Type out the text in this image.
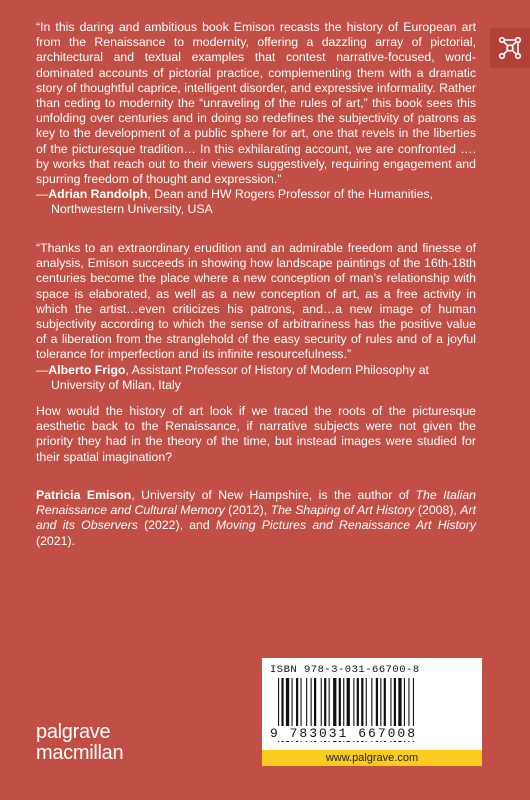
“In this daring and ambitious book Emison recasts the history of European art from the Renaissance to modernity, offering a dazzling array of pictorial, architectural and textual examples that contest narrative-focused, word-dominated accounts of pictorial practice, complementing them with a dramatic story of thoughtful caprice, intelligent disorder, and expressive informality. Rather than ceding to modernity the “unraveling of the rules of art,” this book sees this unfolding over centuries and in doing so redefines the subjectivity of patrons as key to the development of a public sphere for art, one that revels in the liberties of the picturesque tradition… In this exhilarating account, we are confronted …. by works that reach out to their viewers suggestively, requiring engagement and spurring freedom of thought and expression.”

—Adrian Randolph, Dean and HW Rogers Professor of the Humanities,
Northwestern University, USA

“Thanks to an extraordinary erudition and an admirable freedom and finesse of analysis, Emison succeeds in showing how landscape paintings of the 16th-18th centuries become the place where a new conception of man’s relationship with space is elaborated, as well as a new conception of art, as a free activity in which the artist…even criticizes his patrons, and…a new image of human subjectivity according to which the sense of arbitrariness has the positive value of a liberation from the stranglehold of the easy security of rules and of a joyful tolerance for imperfection and its infinite resourcefulness.”

—Alberto Frigo, Assistant Professor of History of Modern Philosophy at
University of Milan, Italy

How would the history of art look if we traced the roots of the picturesque aesthetic back to the Renaissance, if narrative subjects were not given the priority they had in the theory of the time, but instead images were studied for their spatial imagination?

Patricia Emison, University of New Hampshire, is the author of The Italian Renaissance and Cultural Memory (2012), The Shaping of Art History (2008), Art and its Observers (2022), and Moving Pictures and Renaissance Art History (2021).

ISBN 978-3-031-66700-8
9 783031 667008
www.palgrave.com
palgrave
macmillan
